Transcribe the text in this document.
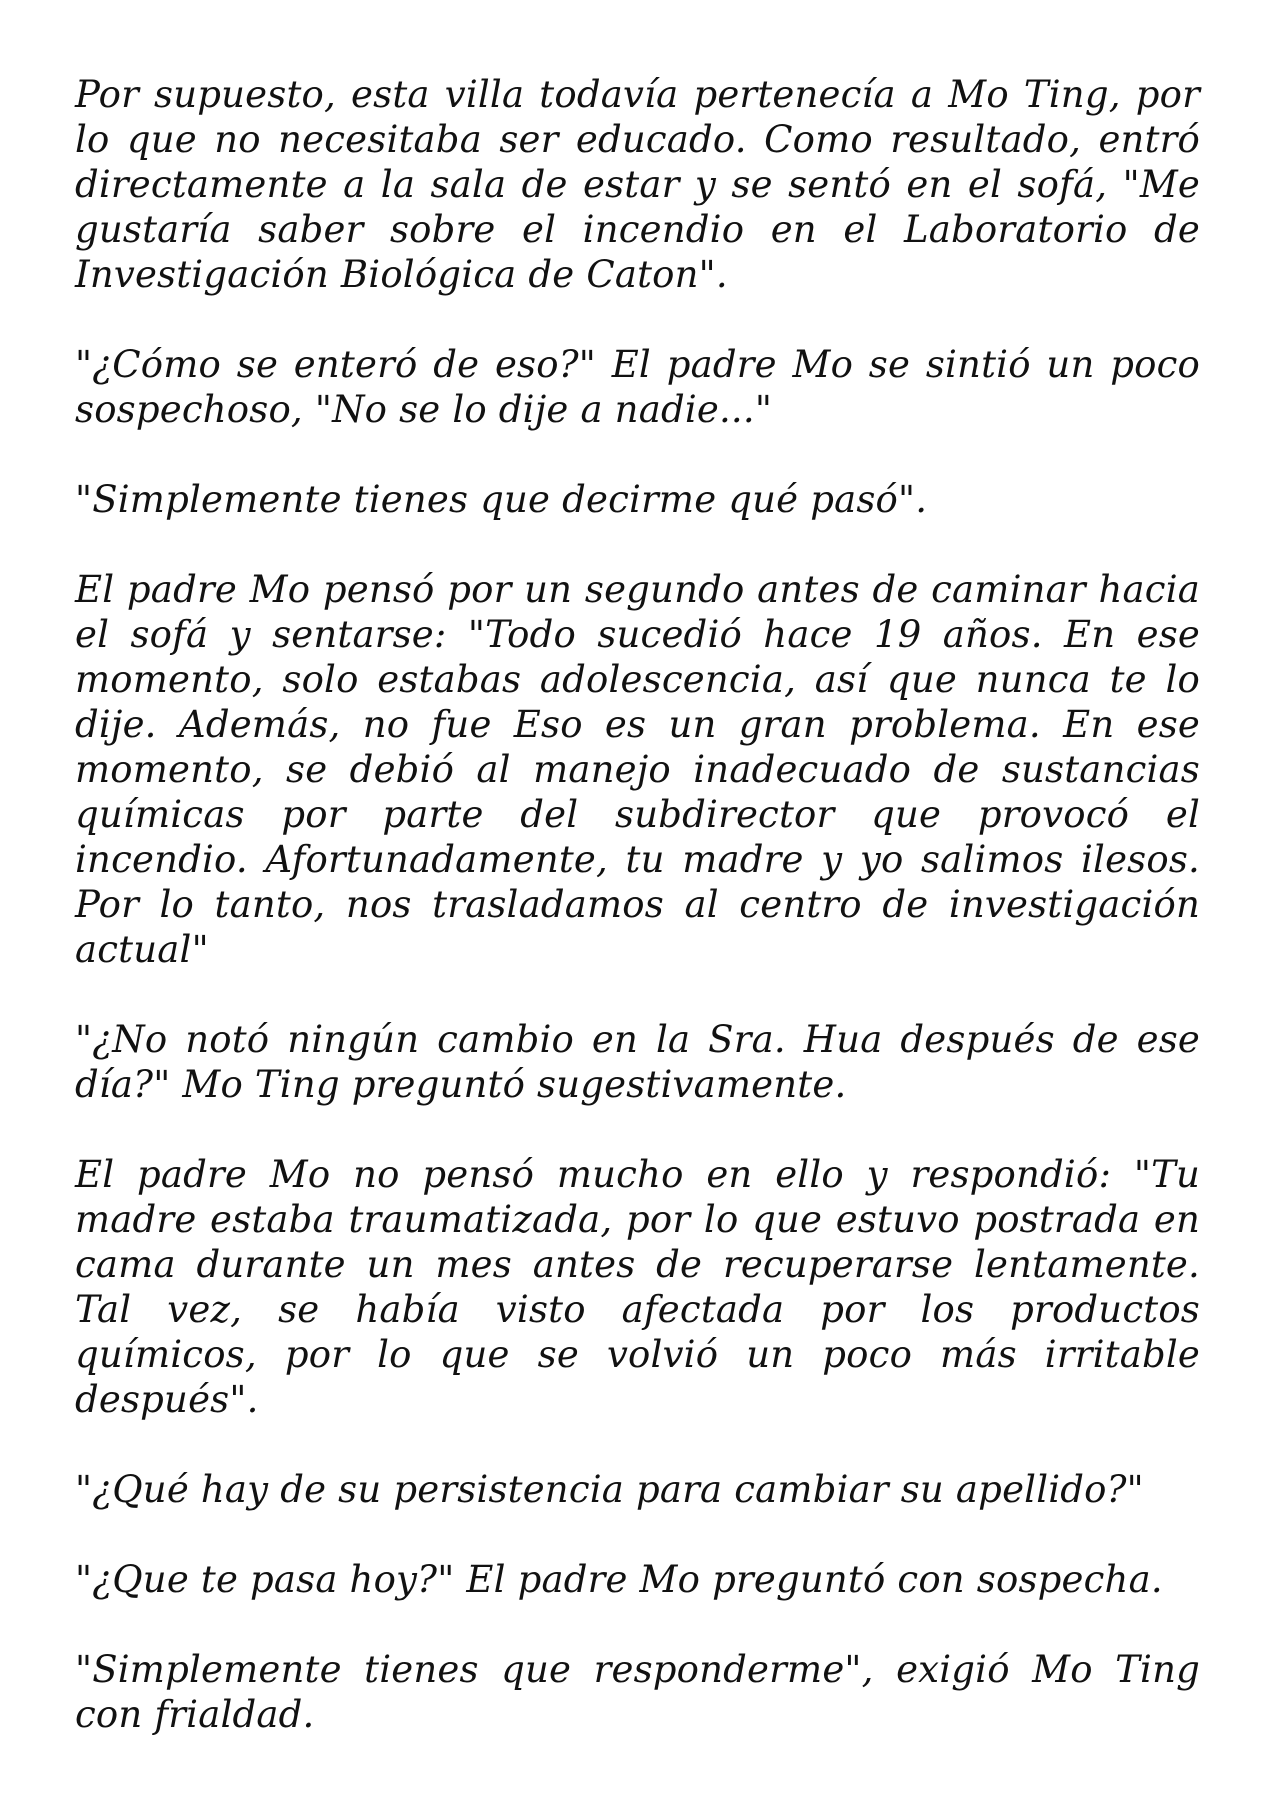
Por supuesto, esta villa todavía pertenecía a Mo Ting, por lo que no necesitaba ser educado. Como resultado, entró directamente a la sala de estar y se sentó en el sofá, "Me gustaría saber sobre el incendio en el Laboratorio de Investigación Biológica de Caton".

"¿Cómo se enteró de eso?" El padre Mo se sintió un poco sospechoso, "No se lo dije a nadie..."

"Simplemente tienes que decirme qué pasó".

El padre Mo pensó por un segundo antes de caminar hacia el sofá y sentarse: "Todo sucedió hace 19 años. En ese momento, solo estabas adolescencia, así que nunca te lo dije. Además, no fue Eso es un gran problema. En ese momento, se debió al manejo inadecuado de sustancias químicas por parte del subdirector que provocó el incendio. Afortunadamente, tu madre y yo salimos ilesos. Por lo tanto, nos trasladamos al centro de investigación actual"

"¿No notó ningún cambio en la Sra. Hua después de ese día?" Mo Ting preguntó sugestivamente.

El padre Mo no pensó mucho en ello y respondió: "Tu madre estaba traumatizada, por lo que estuvo postrada en cama durante un mes antes de recuperarse lentamente. Tal vez, se había visto afectada por los productos químicos, por lo que se volvió un poco más irritable después".

"¿Qué hay de su persistencia para cambiar su apellido?"

"¿Que te pasa hoy?" El padre Mo preguntó con sospecha.

"Simplemente tienes que responderme", exigió Mo Ting con frialdad.
